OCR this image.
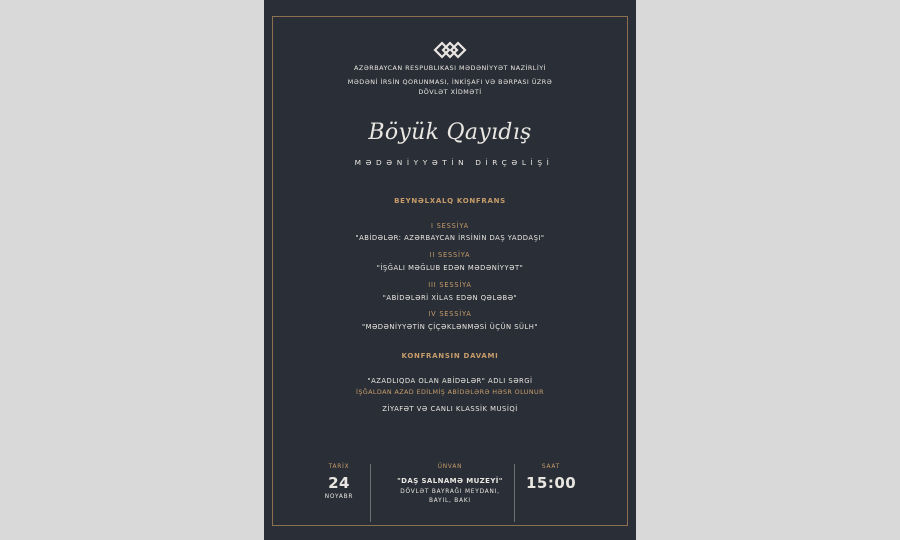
AZƏRBAYCAN RESPUBLIKASI MƏDƏNİYYƏT NAZİRLİYİ

MƏDƏNİ İRSİN QORUNMASI, İNKİŞAFI VƏ BƏRPASI ÜZRƏ

DÖVLƏT XİDMƏTİ

Böyük Qayıdış

MƏDƏNİYYƏTİN DİRÇƏLİŞİ

BEYNƏLXALQ KONFRANS

I SESSİYA

"ABİDƏLƏR: AZƏRBAYCAN İRSİNİN DAŞ YADDAŞI"

II SESSİYA

"İŞĞALI MƏĞLUB EDƏN MƏDƏNİYYƏT"

III SESSİYA

"ABİDƏLƏRİ XİLAS EDƏN QƏLƏBƏ"

IV SESSİYA

"MƏDƏNİYYƏTİN ÇİÇƏKLƏNMƏSİ ÜÇÜN SÜLH"

KONFRANSIN DAVAMI

"AZADLIQDA OLAN ABİDƏLƏR" ADLI SƏRGİ

İŞĞALDAN AZAD EDİLMİŞ ABİDƏLƏRƏ HƏSR OLUNUR

ZİYAFƏT VƏ CANLI KLASSİK MUSİQİ

TARİX
24
NOYABR
ÜNVAN
"DAŞ SALNAMƏ MUZEYİ"
DÖVLƏT BAYRAĞI MEYDANI,
BAYIL, BAKI
SAAT
15:00
